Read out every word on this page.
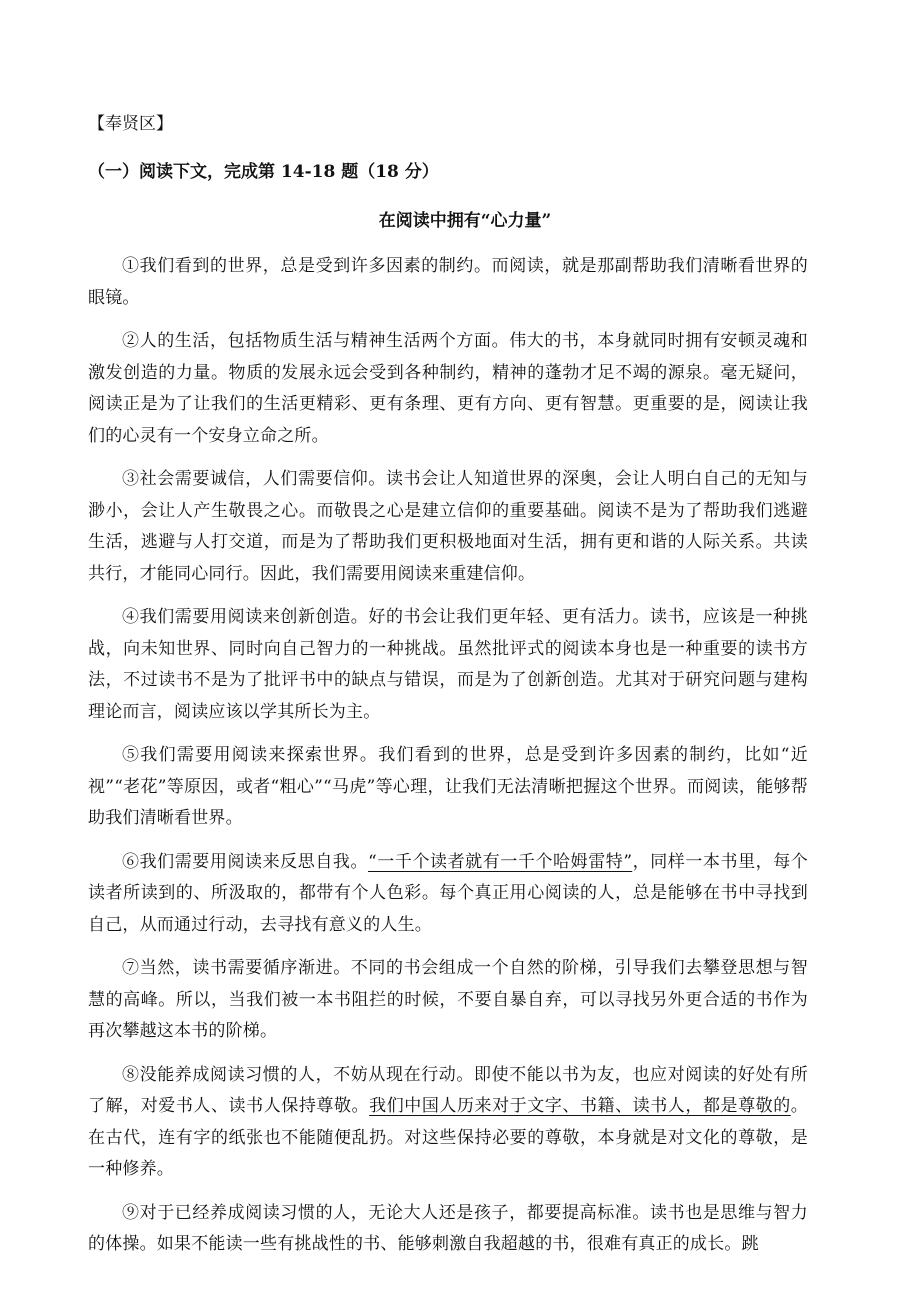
【奉贤区】
（一）阅读下文，完成第 14-18 题（18 分）
在阅读中拥有“心力量”

①我们看到的世界，总是受到许多因素的制约。而阅读，就是那副帮助我们清晰看世界的眼镜。

②人的生活，包括物质生活与精神生活两个方面。伟大的书，本身就同时拥有安顿灵魂和激发创造的力量。物质的发展永远会受到各种制约，精神的蓬勃才足不竭的源泉。毫无疑问，阅读正是为了让我们的生活更精彩、更有条理、更有方向、更有智慧。更重要的是，阅读让我们的心灵有一个安身立命之所。

③社会需要诚信，人们需要信仰。读书会让人知道世界的深奥，会让人明白自己的无知与渺小，会让人产生敬畏之心。而敬畏之心是建立信仰的重要基础。阅读不是为了帮助我们逃避生活，逃避与人打交道，而是为了帮助我们更积极地面对生活，拥有更和谐的人际关系。共读共行，才能同心同行。因此，我们需要用阅读来重建信仰。

④我们需要用阅读来创新创造。好的书会让我们更年轻、更有活力。读书，应该是一种挑战，向未知世界、同时向自己智力的一种挑战。虽然批评式的阅读本身也是一种重要的读书方法，不过读书不是为了批评书中的缺点与错误，而是为了创新创造。尤其对于研究问题与建构理论而言，阅读应该以学其所长为主。

⑤我们需要用阅读来探索世界。我们看到的世界，总是受到许多因素的制约，比如“近视”“老花”等原因，或者“粗心”“马虎”等心理，让我们无法清晰把握这个世界。而阅读，能够帮助我们清晰看世界。

⑥我们需要用阅读来反思自我。“一千个读者就有一千个哈姆雷特”，同样一本书里，每个读者所读到的、所汲取的，都带有个人色彩。每个真正用心阅读的人，总是能够在书中寻找到自己，从而通过行动，去寻找有意义的人生。

⑦当然，读书需要循序渐进。不同的书会组成一个自然的阶梯，引导我们去攀登思想与智慧的高峰。所以，当我们被一本书阻拦的时候，不要自暴自弃，可以寻找另外更合适的书作为再次攀越这本书的阶梯。

⑧没能养成阅读习惯的人，不妨从现在行动。即使不能以书为友，也应对阅读的好处有所了解，对爱书人、读书人保持尊敬。我们中国人历来对于文字、书籍、读书人，都是尊敬的。在古代，连有字的纸张也不能随便乱扔。对这些保持必要的尊敬，本身就是对文化的尊敬，是一种修养。

⑨对于已经养成阅读习惯的人，无论大人还是孩子，都要提高标准。读书也是思维与智力的体操。如果不能读一些有挑战性的书、能够刺激自我超越的书，很难有真正的成长。跳
